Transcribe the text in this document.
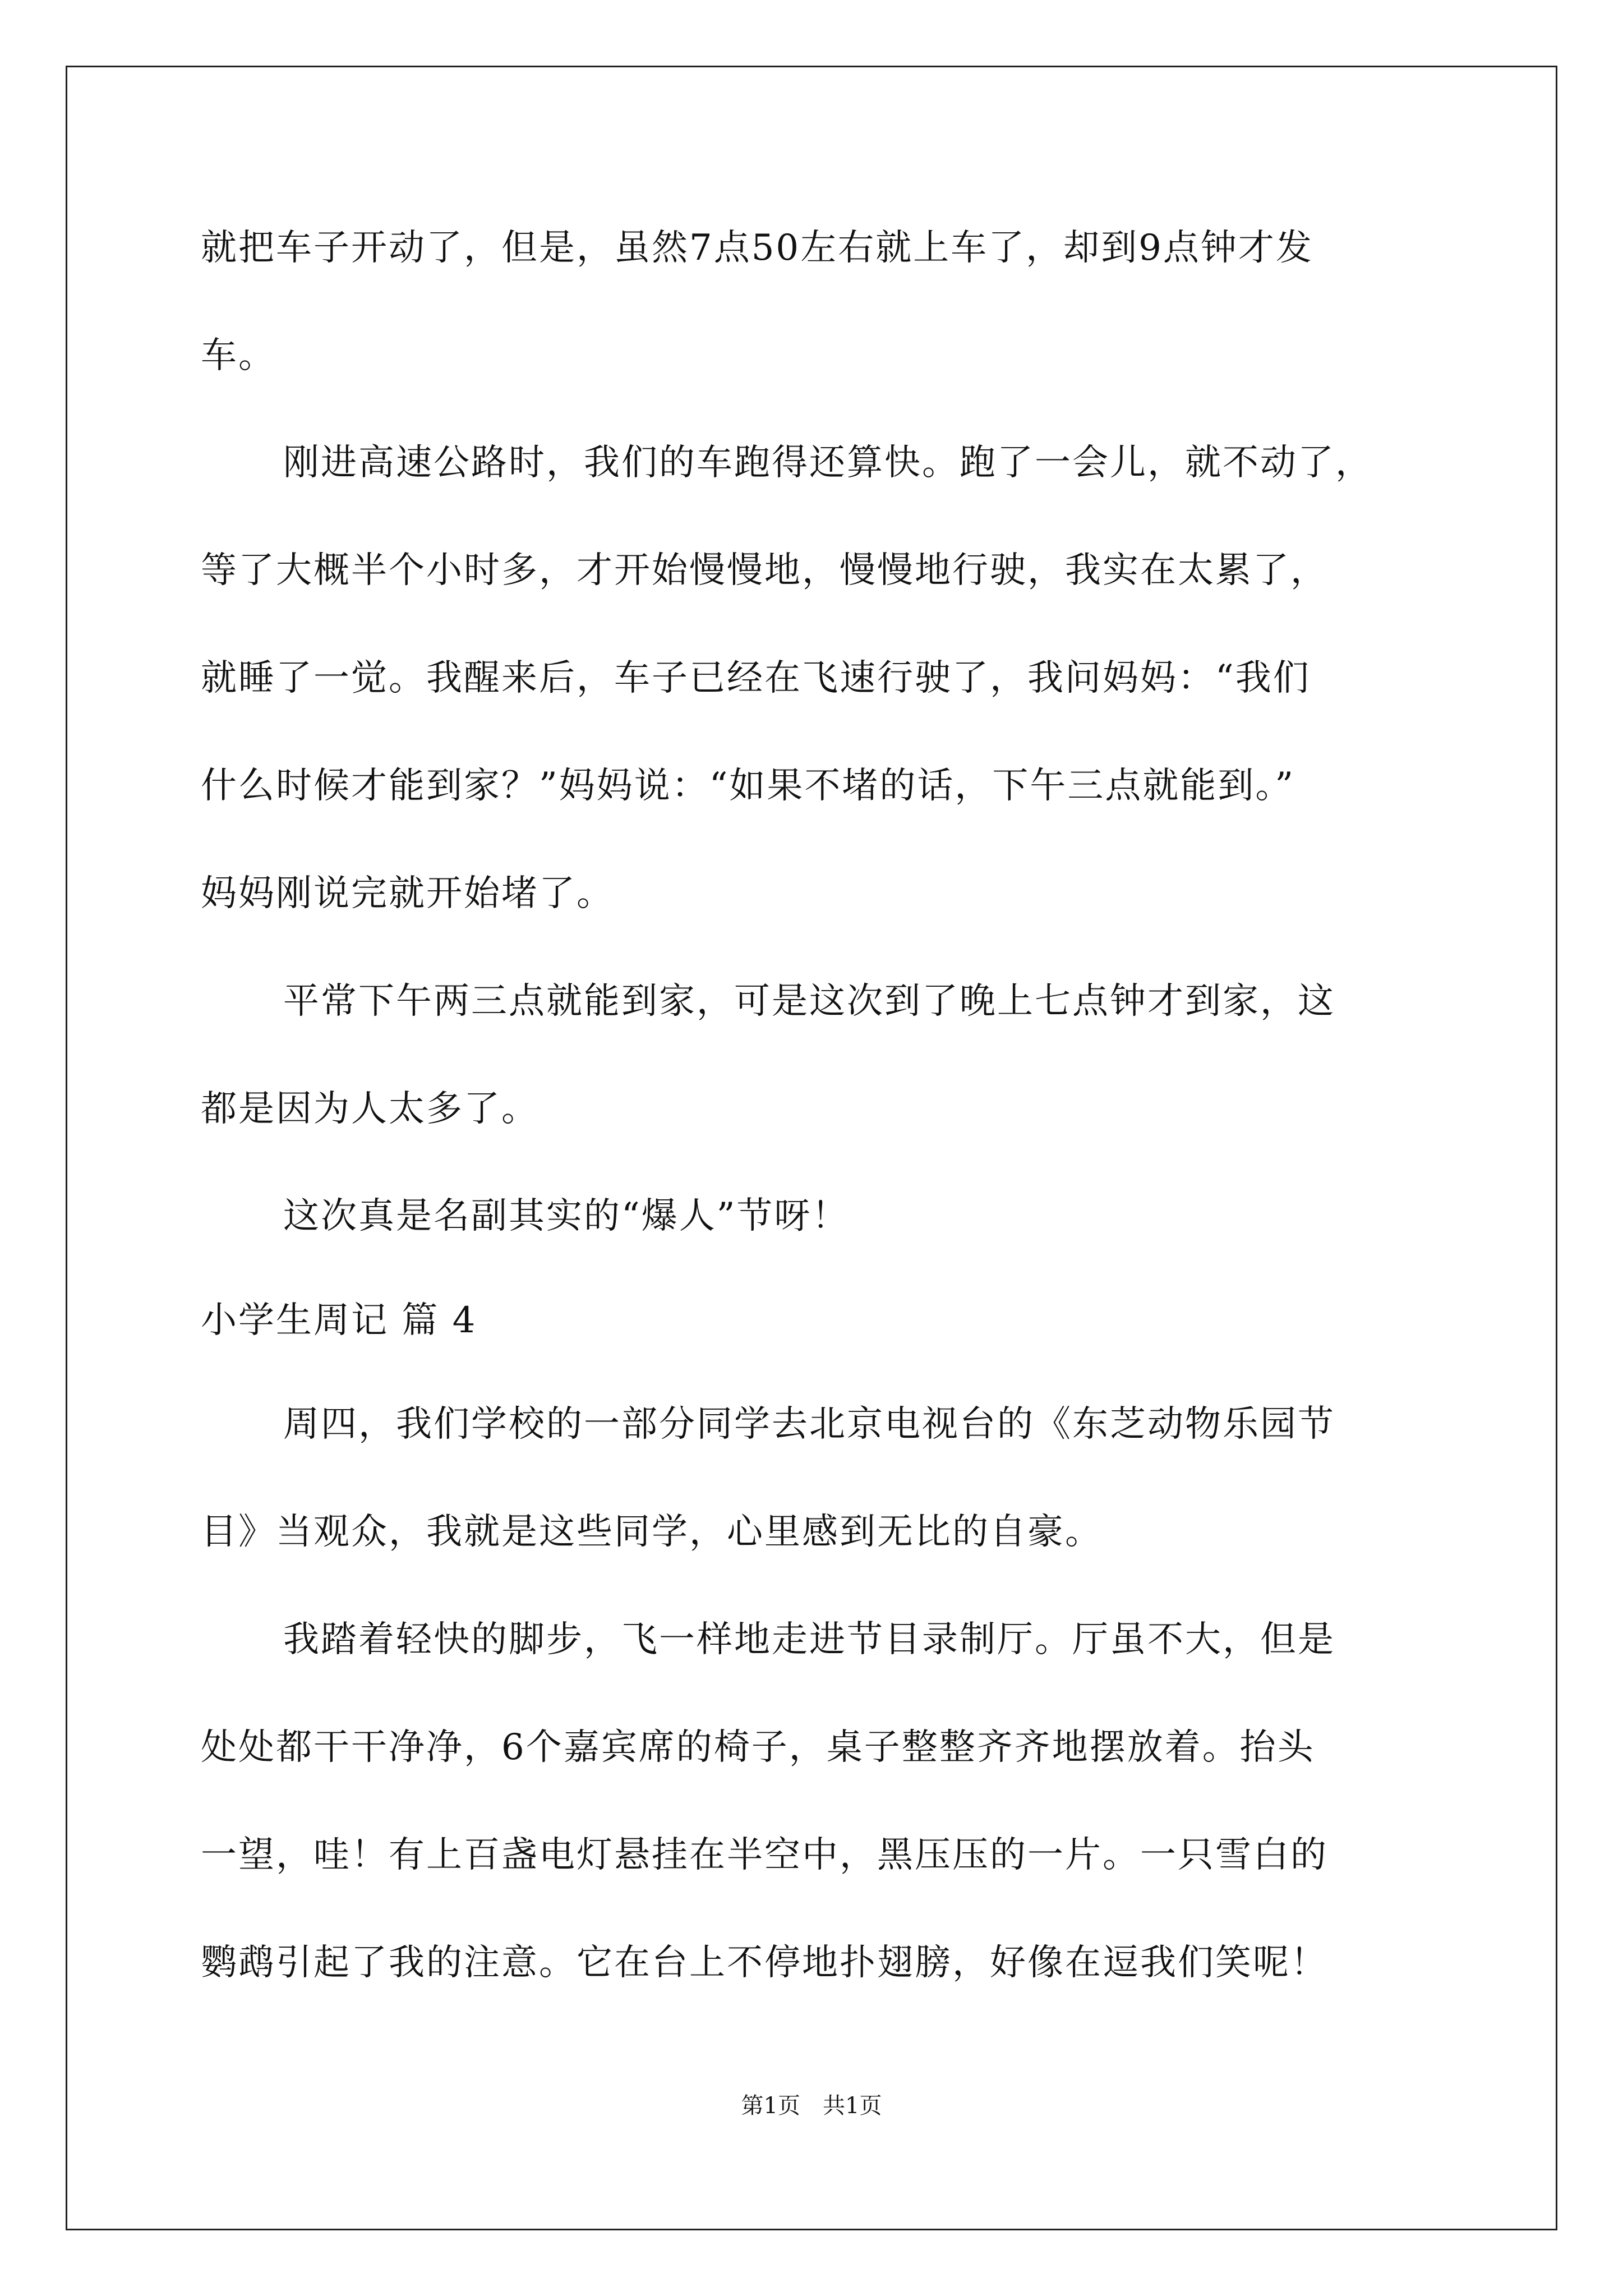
就把车子开动了，但是，虽然7点50左右就上车了，却到9点钟才发
车。
刚进高速公路时，我们的车跑得还算快。跑了一会儿，就不动了，
等了大概半个小时多，才开始慢慢地，慢慢地行驶，我实在太累了，
就睡了一觉。我醒来后，车子已经在飞速行驶了，我问妈妈：“我们
什么时候才能到家？”妈妈说：“如果不堵的话，下午三点就能到。”
妈妈刚说完就开始堵了。
平常下午两三点就能到家，可是这次到了晚上七点钟才到家，这
都是因为人太多了。
这次真是名副其实的“爆人”节呀！
小学生周记 篇 4
周四，我们学校的一部分同学去北京电视台的《东芝动物乐园节
目》当观众，我就是这些同学，心里感到无比的自豪。
我踏着轻快的脚步，飞一样地走进节目录制厅。厅虽不大，但是
处处都干干净净，6个嘉宾席的椅子，桌子整整齐齐地摆放着。抬头
一望，哇！有上百盏电灯悬挂在半空中，黑压压的一片。一只雪白的
鹦鹉引起了我的注意。它在台上不停地扑翅膀，好像在逗我们笑呢！
第1页 共1页
